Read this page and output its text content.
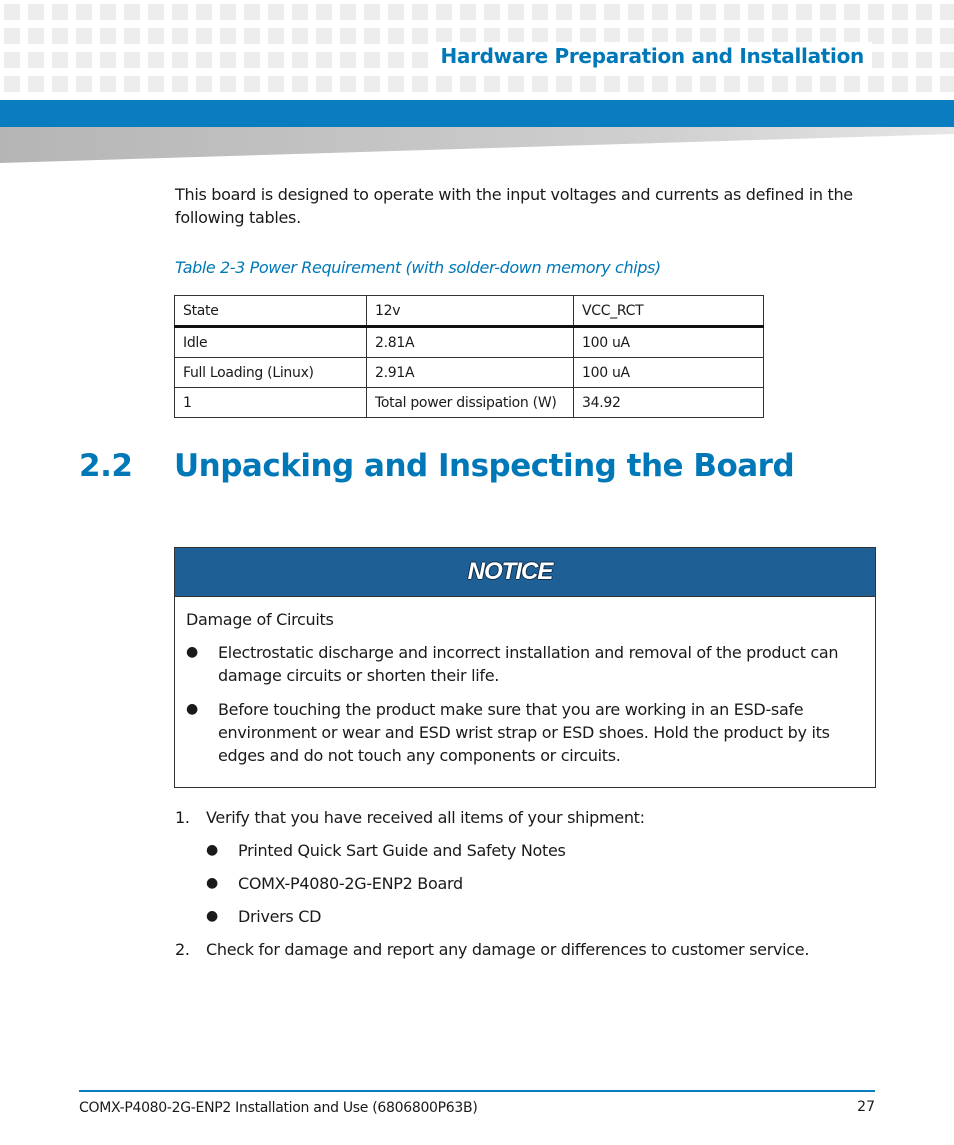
Hardware Preparation and Installation

This board is designed to operate with the input voltages and currents as defined in the following tables.

Table 2-3 Power Requirement (with solder-down memory chips)
State	12v	VCC_RCT
Idle	2.81A	100 uA
Full Loading (Linux)	2.91A	100 uA
1	Total power dissipation (W)	34.92
2.2 Unpacking and Inspecting the Board
NOTICE

Damage of Circuits

●	Electrostatic discharge and incorrect installation and removal of the product can damage circuits or shorten their life.
●	Before touching the product make sure that you are working in an ESD-safe environment or wear and ESD wrist strap or ESD shoes. Hold the product by its edges and do not touch any components or circuits.
1.	Verify that you have received all items of your shipment:
●	Printed Quick Sart Guide and Safety Notes
●	COMX-P4080-2G-ENP2 Board
●	Drivers CD
2.	Check for damage and report any damage or differences to customer service.
COMX-P4080-2G-ENP2 Installation and Use (6806800P63B)	27
